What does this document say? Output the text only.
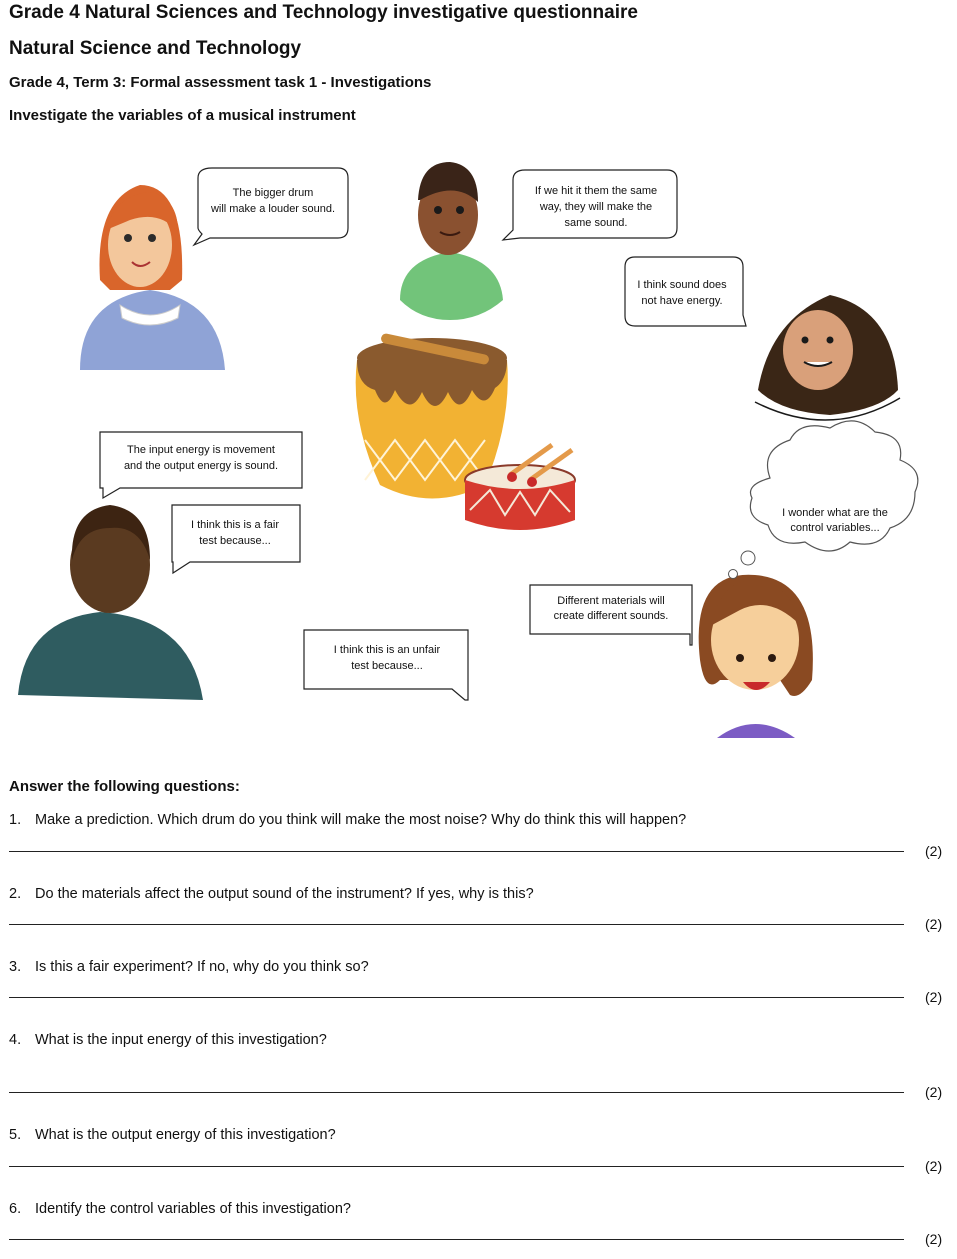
Grade 4 Natural Sciences and Technology investigative questionnaire
Natural Science and Technology
Grade 4, Term 3: Formal assessment task 1 - Investigations
Investigate the variables of a musical instrument
The bigger drum will make a louder sound.
If we hit it them the same way, they will make the same sound.
I think sound does not have energy.
The input energy is movement and the output energy is sound.
I think this is a fair test because...
I wonder what are the control variables...
Different materials will create different sounds.
I think this is an unfair test because...
Answer the following questions:
1. Make a prediction. Which drum do you think will make the most noise? Why do think this will happen?
(2)
2. Do the materials affect the output sound of the instrument? If yes, why is this?
(2)
3. Is this a fair experiment? If no, why do you think so?
(2)
4. What is the input energy of this investigation?
(2)
5. What is the output energy of this investigation?
(2)
6. Identify the control variables of this investigation?
(2)
